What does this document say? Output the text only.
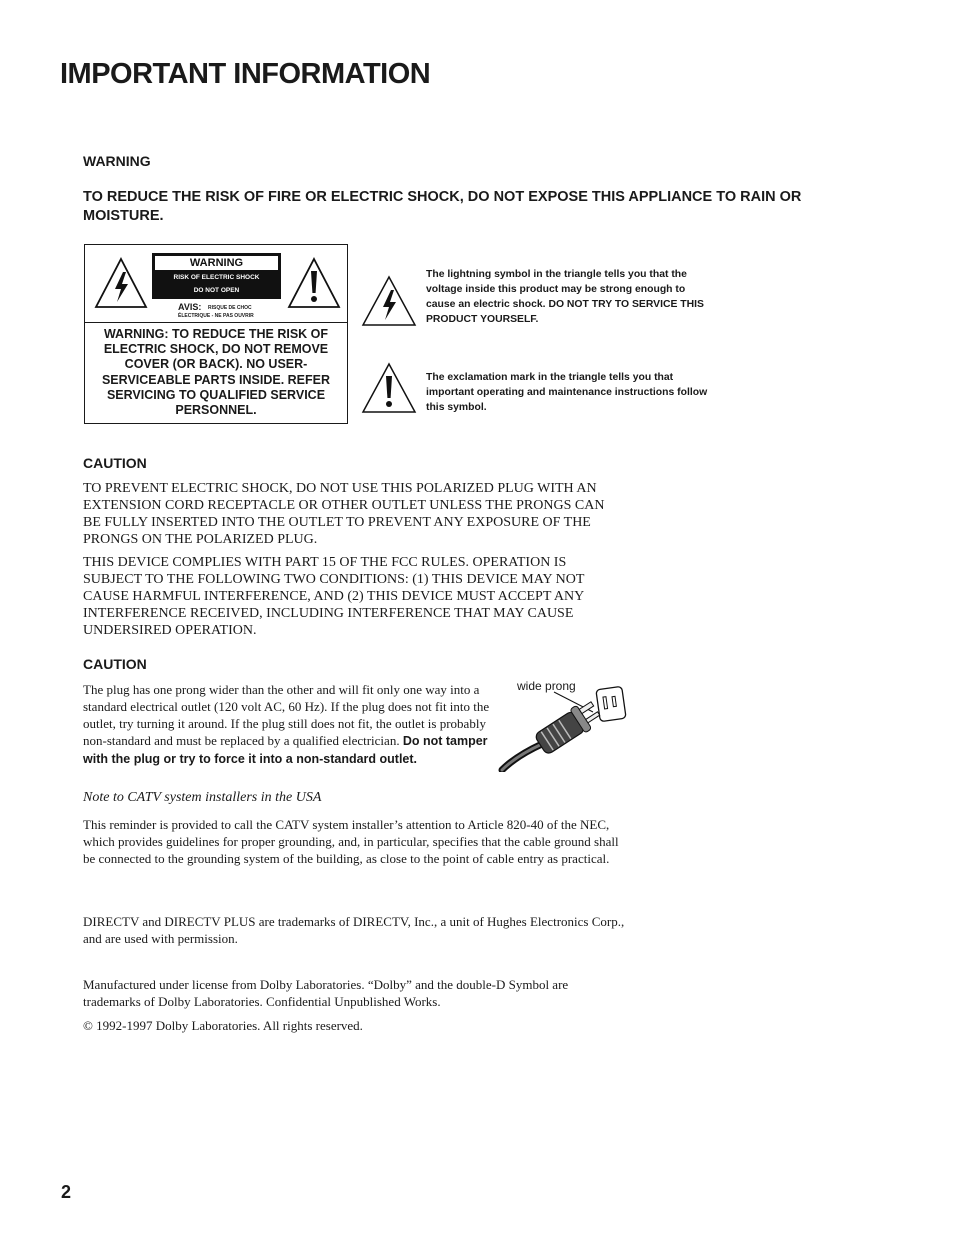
IMPORTANT INFORMATION
WARNING
TO REDUCE THE RISK OF FIRE OR ELECTRIC SHOCK, DO NOT EXPOSE THIS APPLIANCE TO RAIN OR MOISTURE.
WARNING
RISK OF ELECTRIC SHOCK
DO NOT OPEN
AVIS: RISQUE DE CHOC
ÉLECTRIQUE - NE PAS OUVRIR
WARNING: TO REDUCE THE RISK OF ELECTRIC SHOCK, DO NOT REMOVE COVER (OR BACK). NO USER-SERVICEABLE PARTS INSIDE. REFER SERVICING TO QUALIFIED SERVICE PERSONNEL.
The lightning symbol in the triangle tells you that the voltage inside this product may be strong enough to cause an electric shock. DO NOT TRY TO SERVICE THIS PRODUCT YOURSELF.
The exclamation mark in the triangle tells you that important operating and maintenance instructions follow this symbol.
CAUTION
TO PREVENT ELECTRIC SHOCK, DO NOT USE THIS POLARIZED PLUG WITH AN EXTENSION CORD RECEPTACLE OR OTHER OUTLET UNLESS THE PRONGS CAN BE FULLY INSERTED INTO THE OUTLET TO PREVENT ANY EXPOSURE OF THE PRONGS ON THE POLARIZED PLUG.
THIS DEVICE COMPLIES WITH PART 15 OF THE FCC RULES. OPERATION IS SUBJECT TO THE FOLLOWING TWO CONDITIONS: (1) THIS DEVICE MAY NOT CAUSE HARMFUL INTERFERENCE, AND (2) THIS DEVICE MUST ACCEPT ANY INTERFERENCE RECEIVED, INCLUDING INTERFERENCE THAT MAY CAUSE UNDERSIRED OPERATION.
CAUTION
The plug has one prong wider than the other and will fit only one way into a standard electrical outlet (120 volt AC, 60 Hz). If the plug does not fit into the outlet, try turning it around. If the plug still does not fit, the outlet is probably non-standard and must be replaced by a qualified electrician. Do not tamper with the plug or try to force it into a non-standard outlet.
wide prong
Note to CATV system installers in the USA
This reminder is provided to call the CATV system installer’s attention to Article 820-40 of the NEC, which provides guidelines for proper grounding, and, in particular, specifies that the cable ground shall be connected to the grounding system of the building, as close to the point of cable entry as practical.
DIRECTV and DIRECTV PLUS are trademarks of DIRECTV, Inc., a unit of Hughes Electronics Corp., and are used with permission.
Manufactured under license from Dolby Laboratories. “Dolby” and the double-D Symbol are trademarks of Dolby Laboratories. Confidential Unpublished Works.
© 1992-1997 Dolby Laboratories. All rights reserved.
2
